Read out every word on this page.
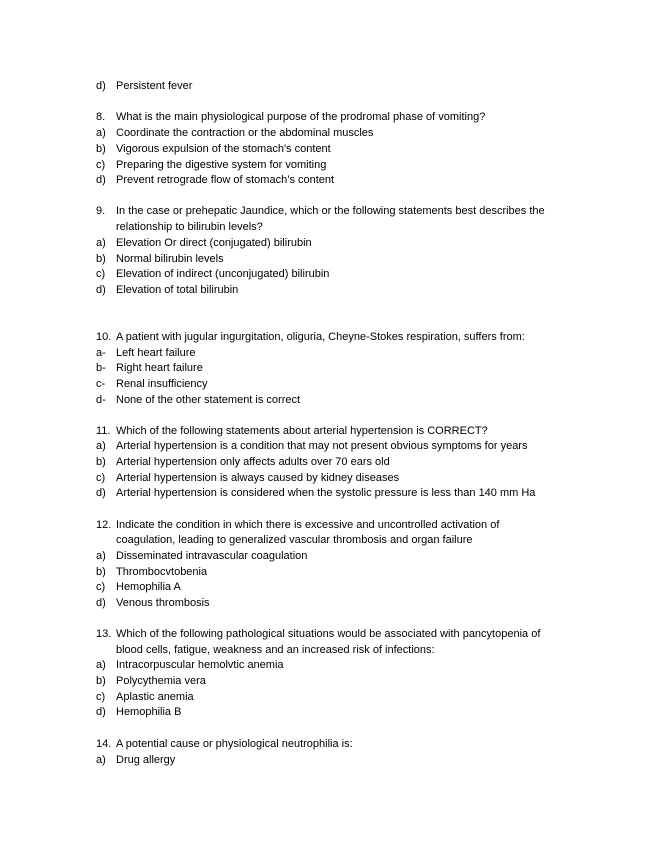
d) Persistent fever
8. What is the main physiological purpose of the prodromal phase of vomiting?
a) Coordinate the contraction or the abdominal muscles
b) Vigorous expulsion of the stomach's content
c) Preparing the digestive system for vomiting
d) Prevent retrograde flow of stomach’s content
9. In the case or prehepatic Jaundice, which or the following statements best describes the
relationship to bilirubin levels?
a) Elevation Or direct (conjugated) bilirubin
b) Normal bilirubin levels
c) Elevation of indirect (unconjugated) bilirubin
d) Elevation of total bilirubin
10. A patient with jugular ingurgitation, oliguria, Cheyne-Stokes respiration, suffers from:
a- Left heart failure
b- Right heart failure
c- Renal insufficiency
d- None of the other statement is correct
11. Which of the following statements about arterial hypertension is CORRECT?
a) Arterial hypertension is a condition that may not present obvious symptoms for years
b) Arterial hypertension only affects adults over 70 ears old
c) Arterial hypertension is always caused by kidney diseases
d) Arterial hypertension is considered when the systolic pressure is less than 140 mm Ha
12. Indicate the condition in which there is excessive and uncontrolled activation of
coagulation, leading to generalized vascular thrombosis and organ failure
a) Disseminated intravascular coagulation
b) Thrombocvtobenia
c) Hemophilia A
d) Venous thrombosis
13. Which of the following pathological situations would be associated with pancytopenia of
blood cells, fatigue, weakness and an increased risk of infections:
a) Intracorpuscular hemolvtic anemia
b) Polycythemia vera
c) Aplastic anemia
d) Hemophilia B
14. A potential cause or physiological neutrophilia is:
a) Drug allergy
